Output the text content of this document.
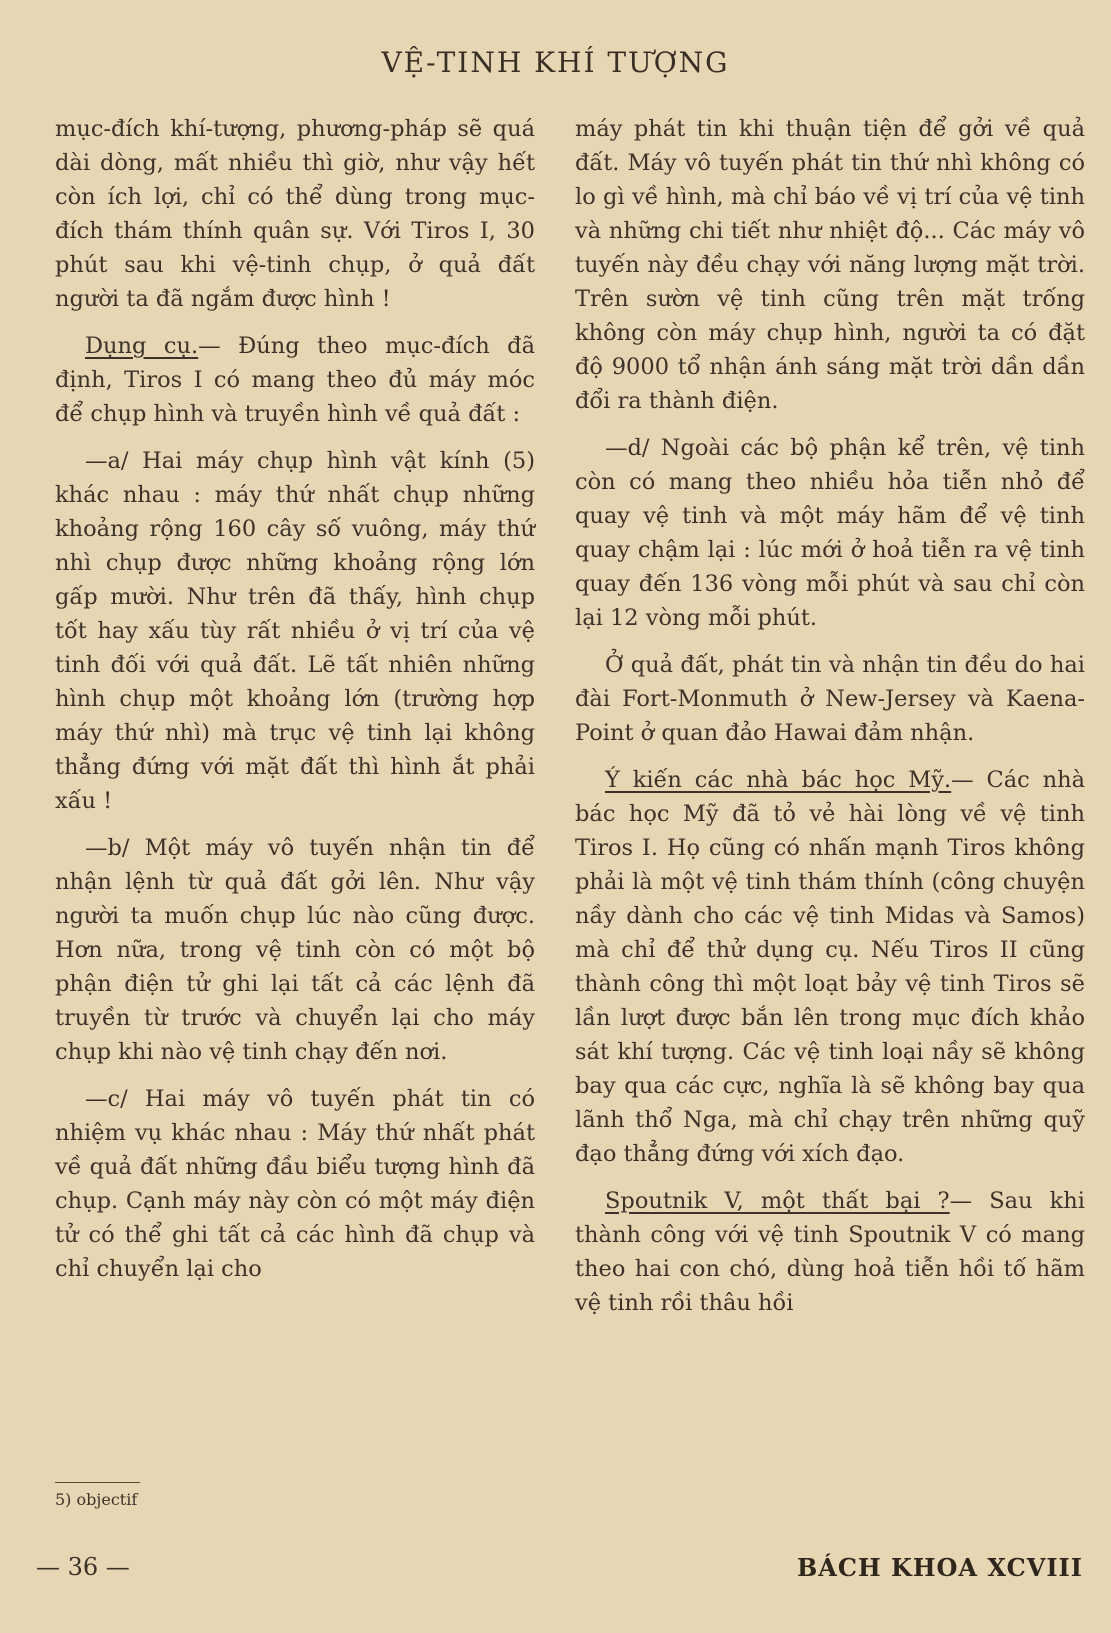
VỆ-TINH KHÍ TƯỢNG

mục-đích khí-tượng, phương-pháp sẽ quá dài dòng, mất nhiều thì giờ, như vậy hết còn ích lợi, chỉ có thể dùng trong mục-đích thám thính quân sự. Với Tiros I, 30 phút sau khi vệ-tinh chụp, ở quả đất người ta đã ngắm được hình !

Dụng cụ.— Đúng theo mục-đích đã định, Tiros I có mang theo đủ máy móc để chụp hình và truyền hình về quả đất :

—a/ Hai máy chụp hình vật kính (5) khác nhau : máy thứ nhất chụp những khoảng rộng 160 cây số vuông, máy thứ nhì chụp được những khoảng rộng lớn gấp mười. Như trên đã thấy, hình chụp tốt hay xấu tùy rất nhiều ở vị trí của vệ tinh đối với quả đất. Lẽ tất nhiên những hình chụp một khoảng lớn (trường hợp máy thứ nhì) mà trục vệ tinh lại không thẳng đứng với mặt đất thì hình ắt phải xấu !

—b/ Một máy vô tuyến nhận tin để nhận lệnh từ quả đất gởi lên. Như vậy người ta muốn chụp lúc nào cũng được. Hơn nữa, trong vệ tinh còn có một bộ phận điện tử ghi lại tất cả các lệnh đã truyền từ trước và chuyển lại cho máy chụp khi nào vệ tinh chạy đến nơi.

—c/ Hai máy vô tuyến phát tin có nhiệm vụ khác nhau : Máy thứ nhất phát về quả đất những đầu biểu tượng hình đã chụp. Cạnh máy này còn có một máy điện tử có thể ghi tất cả các hình đã chụp và chỉ chuyển lại cho

máy phát tin khi thuận tiện để gởi về quả đất. Máy vô tuyến phát tin thứ nhì không có lo gì về hình, mà chỉ báo về vị trí của vệ tinh và những chi tiết như nhiệt độ... Các máy vô tuyến này đều chạy với năng lượng mặt trời. Trên sườn vệ tinh cũng trên mặt trống không còn máy chụp hình, người ta có đặt độ 9000 tổ nhận ánh sáng mặt trời dần dần đổi ra thành điện.

—d/ Ngoài các bộ phận kể trên, vệ tinh còn có mang theo nhiều hỏa tiễn nhỏ để quay vệ tinh và một máy hãm để vệ tinh quay chậm lại : lúc mới ở hoả tiễn ra vệ tinh quay đến 136 vòng mỗi phút và sau chỉ còn lại 12 vòng mỗi phút.

Ở quả đất, phát tin và nhận tin đều do hai đài Fort-Monmuth ở New-Jersey và Kaena-Point ở quan đảo Hawai đảm nhận.

Ý kiến các nhà bác học Mỹ.— Các nhà bác học Mỹ đã tỏ vẻ hài lòng về vệ tinh Tiros I. Họ cũng có nhấn mạnh Tiros không phải là một vệ tinh thám thính (công chuyện nầy dành cho các vệ tinh Midas và Samos) mà chỉ để thử dụng cụ. Nếu Tiros II cũng thành công thì một loạt bảy vệ tinh Tiros sẽ lần lượt được bắn lên trong mục đích khảo sát khí tượng. Các vệ tinh loại nầy sẽ không bay qua các cực, nghĩa là sẽ không bay qua lãnh thổ Nga, mà chỉ chạy trên những quỹ đạo thẳng đứng với xích đạo.

Spoutnik V, một thất bại ?— Sau khi thành công với vệ tinh Spoutnik V có mang theo hai con chó, dùng hoả tiễn hồi tố hãm vệ tinh rồi thâu hồi

5) objectif
— 36 —	BÁCH KHOA XCVIII
